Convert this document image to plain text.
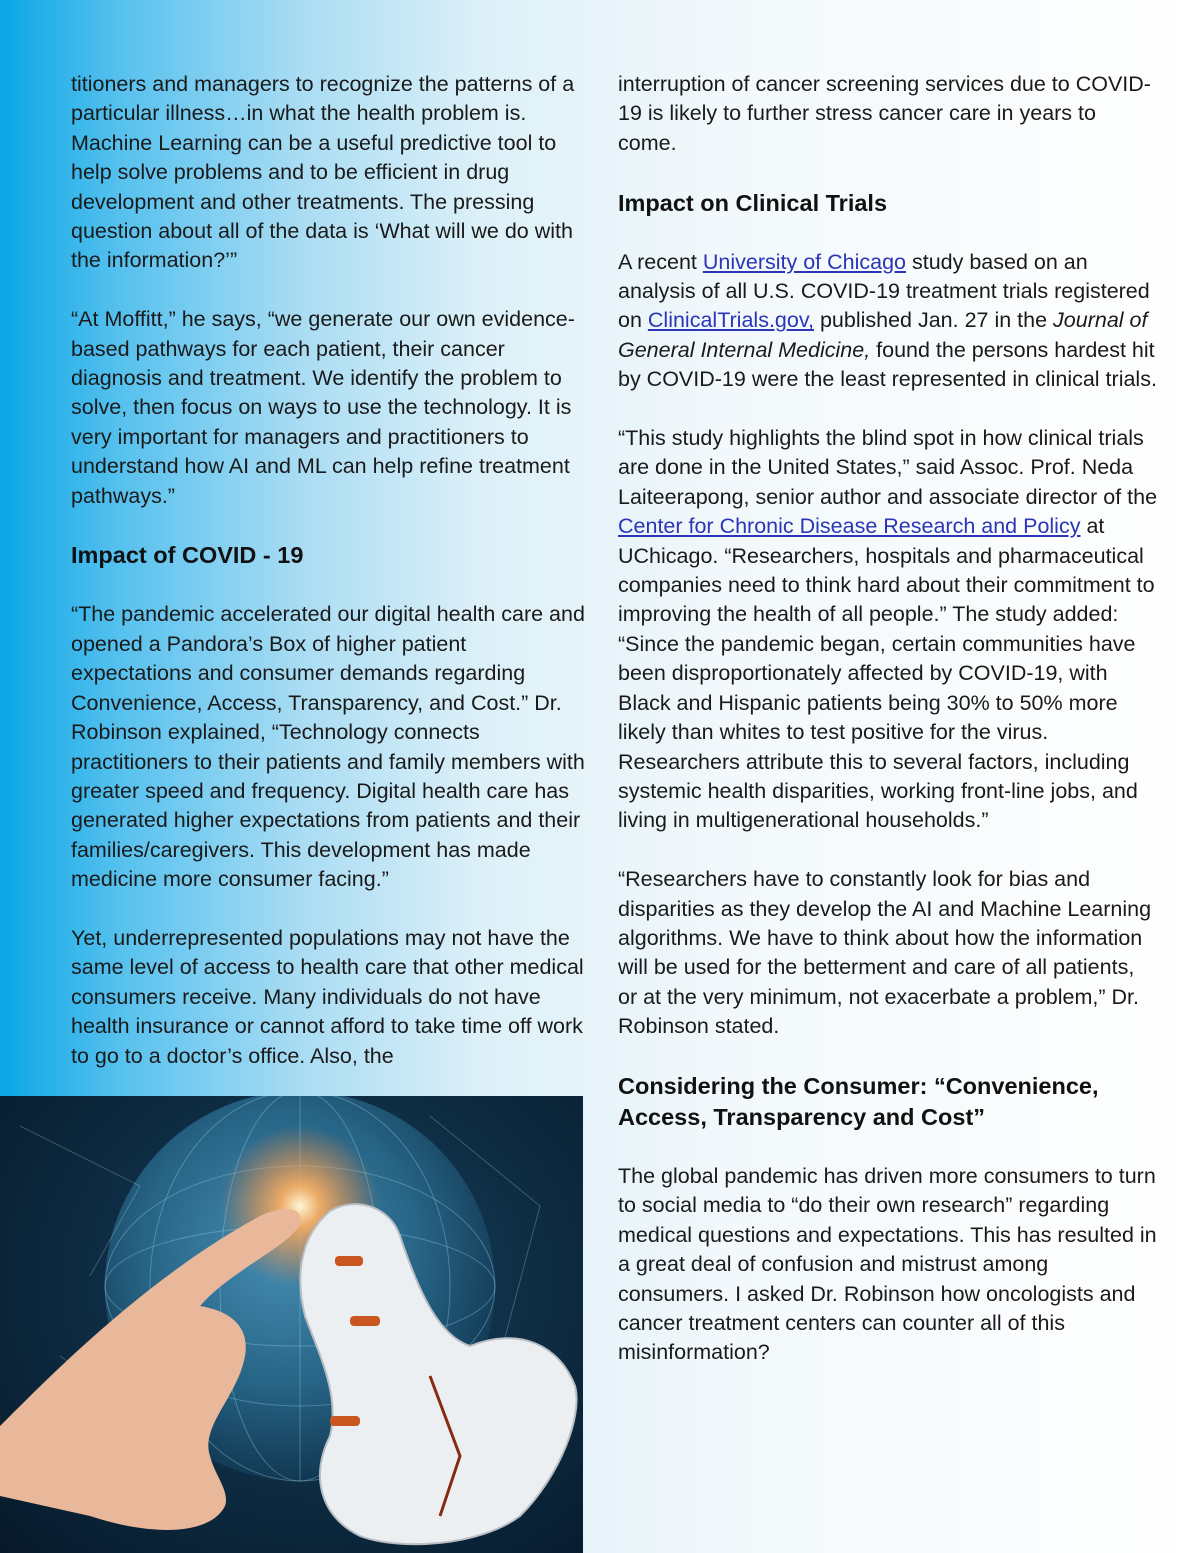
titioners and managers to recognize the patterns of a particular illness…in what the health problem is. Machine Learning can be a useful predictive tool to help solve problems and to be efficient in drug development and other treatments. The pressing question about all of the data is ‘What will we do with the information?’”

“At Moffitt,” he says, “we generate our own evidence-based pathways for each patient, their cancer diagnosis and treatment. We identify the problem to solve, then focus on ways to use the technology. It is very important for managers and practitioners to understand how AI and ML can help refine treatment pathways.”

Impact of COVID - 19

“The pandemic accelerated our digital health care and opened a Pandora’s Box of higher patient expectations and consumer demands regarding Convenience, Access, Transparency, and Cost.” Dr. Robinson explained, “Technology connects practitioners to their patients and family members with greater speed and frequency. Digital health care has generated higher expectations from patients and their families/caregivers. This development has made medicine more consumer facing.”

Yet, underrepresented populations may not have the same level of access to health care that other medical consumers receive. Many individuals do not have health insurance or cannot afford to take time off work to go to a doctor’s office. Also, the

interruption of cancer screening services due to COVID-19 is likely to further stress cancer care in years to come.

Impact on Clinical Trials

A recent University of Chicago study based on an analysis of all U.S. COVID-19 treatment trials registered on ClinicalTrials.gov, published Jan. 27 in the Journal of General Internal Medicine, found the persons hardest hit by COVID-19 were the least represented in clinical trials.

“This study highlights the blind spot in how clinical trials are done in the United States,” said Assoc. Prof. Neda Laiteerapong, senior author and associate director of the Center for Chronic Disease Research and Policy at UChicago. “Researchers, hospitals and pharmaceutical companies need to think hard about their commitment to improving the health of all people.” The study added: “Since the pandemic began, certain communities have been disproportionately affected by COVID-19, with Black and Hispanic patients being 30% to 50% more likely than whites to test positive for the virus. Researchers attribute this to several factors, including systemic health disparities, working front-line jobs, and living in multigenerational households.”

“Researchers have to constantly look for bias and disparities as they develop the AI and Machine Learning algorithms. We have to think about how the information will be used for the betterment and care of all patients, or at the very minimum, not exacerbate a problem,” Dr. Robinson stated.

Considering the Consumer: “Convenience, Access, Transparency and Cost”

The global pandemic has driven more consumers to turn to social media to “do their own research” regarding medical questions and expectations. This has resulted in a great deal of confusion and mistrust among consumers. I asked Dr. Robinson how oncologists and cancer treatment centers can counter all of this misinformation?
